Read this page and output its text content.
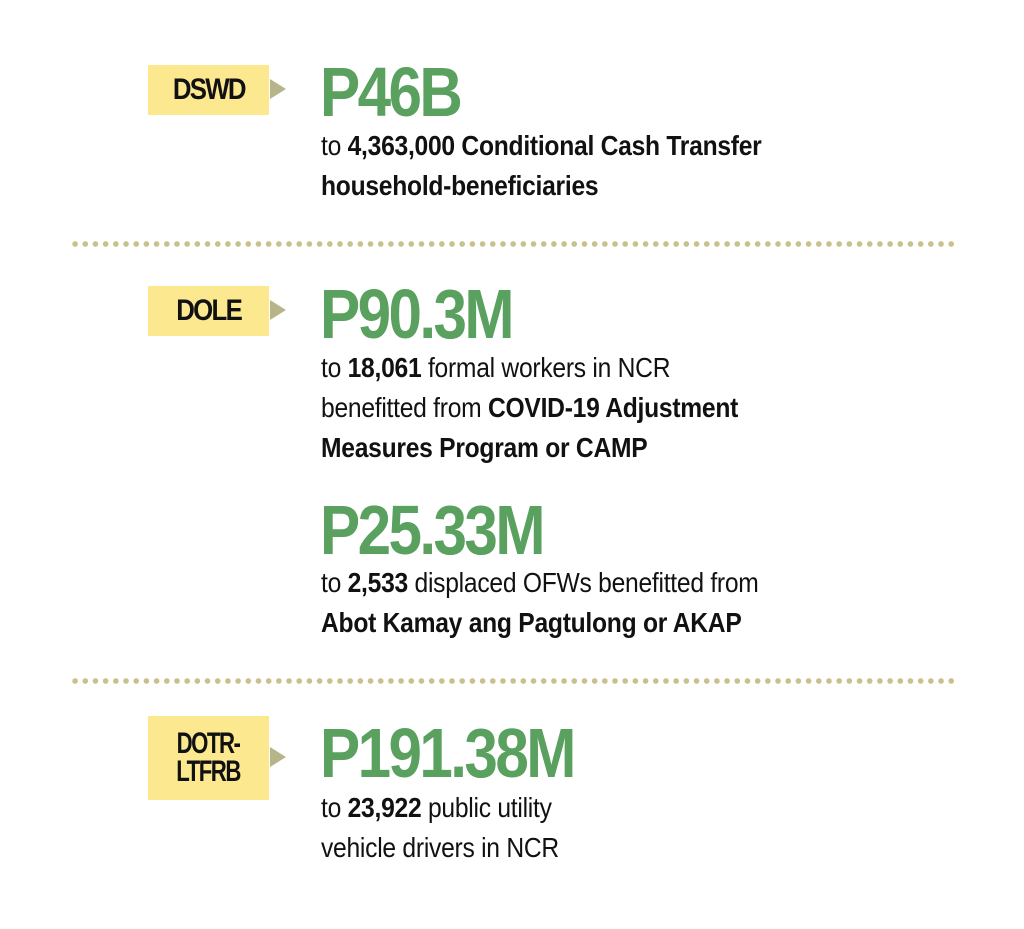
DSWD P46B
to 4,363,000 Conditional Cash Transfer
household-beneficiaries
DOLE P90.3M
to 18,061 formal workers in NCR
benefitted from COVID-19 Adjustment
Measures Program or CAMP
P25.33M
to 2,533 displaced OFWs benefitted from
Abot Kamay ang Pagtulong or AKAP
DOTR-
LTFRB P191.38M
to 23,922 public utility
vehicle drivers in NCR
